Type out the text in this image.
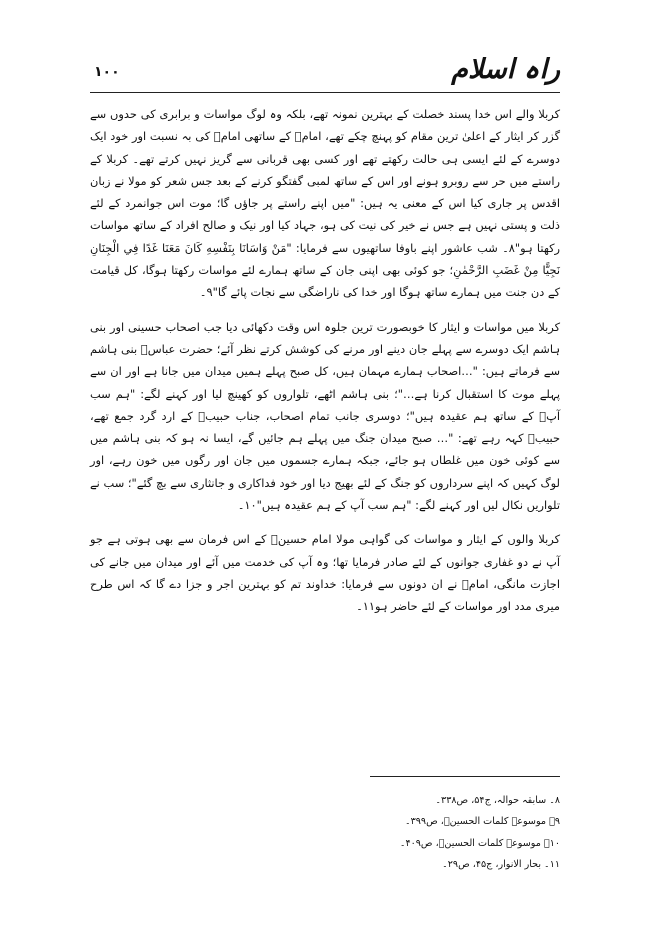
راہ اسلام
۱۰۰

کربلا والے اس خدا پسند خصلت کے بہترین نمونہ تھے، بلکہ وہ لوگ مواسات و برابری کی حدوں سے گزر کر ایثار کے اعلیٰ ترین مقام کو پہنچ چکے تھے، امامؑ کے ساتھی امامؑ کی بہ نسبت اور خود ایک دوسرے کے لئے ایسی ہی حالت رکھتے تھے اور کسی بھی قربانی سے گریز نہیں کرتے تھے۔ کربلا کے راستے میں حر سے روبرو ہونے اور اس کے ساتھ لمبی گفتگو کرنے کے بعد جس شعر کو مولا نے زبان اقدس پر جاری کیا اس کے معنی یہ ہیں: "میں اپنے راستے پر جاؤں گا؛ موت اس جوانمرد کے لئے ذلت و پستی نہیں ہے جس نے خیر کی نیت کی ہو، جہاد کیا اور نیک و صالح افراد کے ساتھ مواسات رکھتا ہو"۸۔ شب عاشور اپنے باوفا ساتھیوں سے فرمایا: "مَنْ وَاسَانَا بِنَفْسِهِ كَانَ مَعَنَا غَدًا فِي الْجِنَانِ نَجِيًّا مِنْ غَضَبِ الرَّحْمٰنِ؛ جو کوئی بھی اپنی جان کے ساتھ ہمارے لئے مواسات رکھتا ہوگا، کل قیامت کے دن جنت میں ہمارے ساتھ ہوگا اور خدا کی ناراضگی سے نجات پائے گا"۹۔

کربلا میں مواسات و ایثار کا خوبصورت ترین جلوہ اس وقت دکھائی دیا جب اصحاب حسینی اور بنی ہاشم ایک دوسرے سے پہلے جان دینے اور مرنے کی کوشش کرتے نظر آئے؛ حضرت عباسؑ بنی ہاشم سے فرماتے ہیں: "…اصحاب ہمارے مہمان ہیں، کل صبح پہلے ہمیں میدان میں جانا ہے اور ان سے پہلے موت کا استقبال کرنا ہے…"؛ بنی ہاشم اٹھے، تلواروں کو کھینچ لیا اور کہنے لگے: "ہم سب آپؑ کے ساتھ ہم عقیدہ ہیں"؛ دوسری جانب تمام اصحاب، جناب حبیبؑ کے ارد گرد جمع تھے، حبیبؑ کہہ رہے تھے: "… صبح میدان جنگ میں پہلے ہم جائیں گے، ایسا نہ ہو کہ بنی ہاشم میں سے کوئی خون میں غلطاں ہو جائے، جبکہ ہمارے جسموں میں جان اور رگوں میں خون رہے، اور لوگ کہیں کہ اپنے سرداروں کو جنگ کے لئے بھیج دیا اور خود فداکاری و جانثاری سے بچ گئے"؛ سب نے تلواریں نکال لیں اور کہنے لگے: "ہم سب آپ کے ہم عقیدہ ہیں"۱۰۔

کربلا والوں کے ایثار و مواسات کی گواہی مولا امام حسینؑ کے اس فرمان سے بھی ہوتی ہے جو آپ نے دو غفاری جوانوں کے لئے صادر فرمایا تھا؛ وہ آپ کی خدمت میں آئے اور میدان میں جانے کی اجازت مانگی، امامؑ نے ان دونوں سے فرمایا: خداوند تم کو بہترین اجر و جزا دے گا کہ اس طرح میری مدد اور مواسات کے لئے حاضر ہو۱۱۔

۸۔ سابقہ حوالہ، ج۵۴، ص۳۳۸۔
۹۔ موسوعہ کلمات الحسینؑ، ص۳۹۹۔
۱۰۔ موسوعہ کلمات الحسینؑ، ص۴۰۹۔
۱۱۔ بحار الانوار، ج۴۵، ص۲۹۔
